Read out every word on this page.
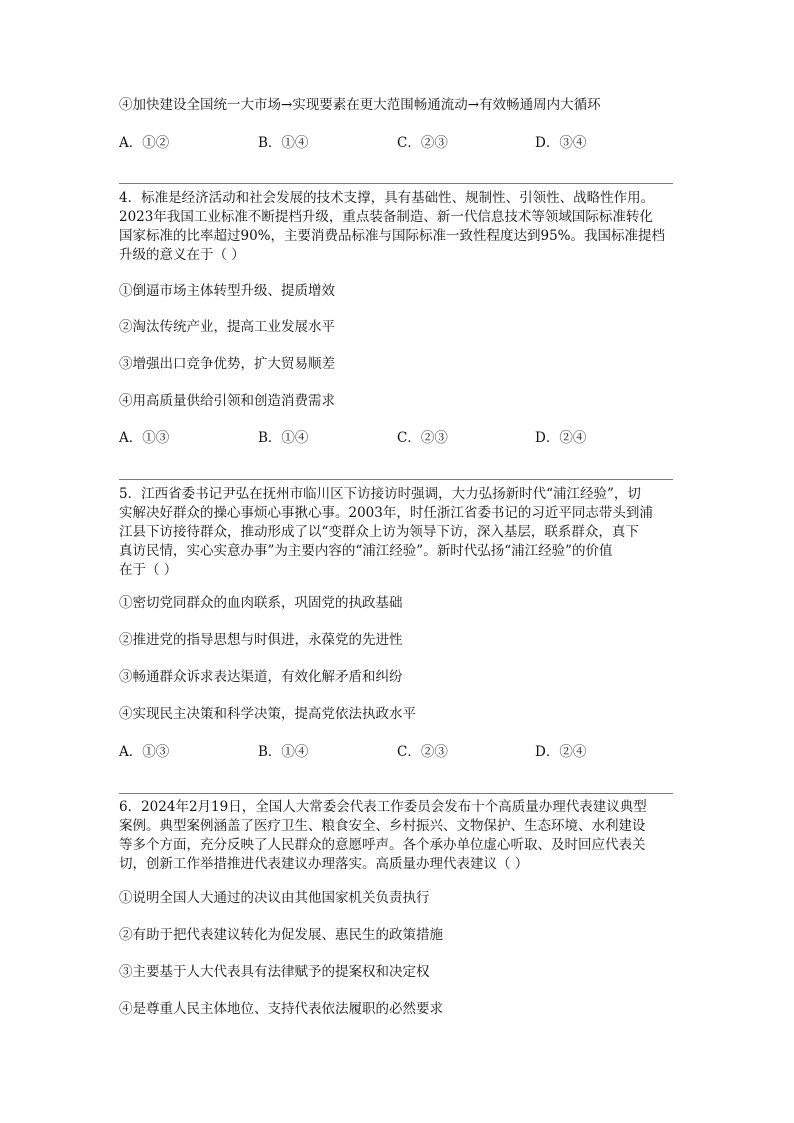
④加快建设全国统一大市场→实现要素在更大范围畅通流动→有效畅通周内大循环
A．①②	B．①④	C．②③	D．③④
4．标准是经济活动和社会发展的技术支撑，具有基础性、规制性、引领性、战略性作用。
2023年我国工业标准不断提档升级，重点装备制造、新一代信息技术等领域国际标准转化
国家标准的比率超过90%，主要消费品标准与国际标准一致性程度达到95%。我国标准提档
升级的意义在于（ ）
①倒逼市场主体转型升级、提质增效
②淘汰传统产业，提高工业发展水平
③增强出口竞争优势，扩大贸易顺差
④用高质量供给引领和创造消费需求
A．①③	B．①④	C．②③	D．②④
5．江西省委书记尹弘在抚州市临川区下访接访时强调，大力弘扬新时代“浦江经验”，切
实解决好群众的操心事烦心事揪心事。2003年，时任浙江省委书记的习近平同志带头到浦
江县下访接待群众，推动形成了以“变群众上访为领导下访，深入基层，联系群众，真下
真访民情，实心实意办事”为主要内容的“浦江经验”。新时代弘扬“浦江经验”的价值
在于（ ）
①密切党同群众的血肉联系，巩固党的执政基础
②推进党的指导思想与时俱进，永葆党的先进性
③畅通群众诉求表达渠道，有效化解矛盾和纠纷
④实现民主决策和科学决策，提高党依法执政水平
A．①③	B．①④	C．②③	D．②④
6．2024年2月19日，全国人大常委会代表工作委员会发布十个高质量办理代表建议典型
案例。典型案例涵盖了医疗卫生、粮食安全、乡村振兴、文物保护、生态环境、水利建设
等多个方面，充分反映了人民群众的意愿呼声。各个承办单位虚心听取、及时回应代表关
切，创新工作举措推进代表建议办理落实。高质量办理代表建议（ ）
①说明全国人大通过的决议由其他国家机关负责执行
②有助于把代表建议转化为促发展、惠民生的政策措施
③主要基于人大代表具有法律赋予的提案权和决定权
④是尊重人民主体地位、支持代表依法履职的必然要求
